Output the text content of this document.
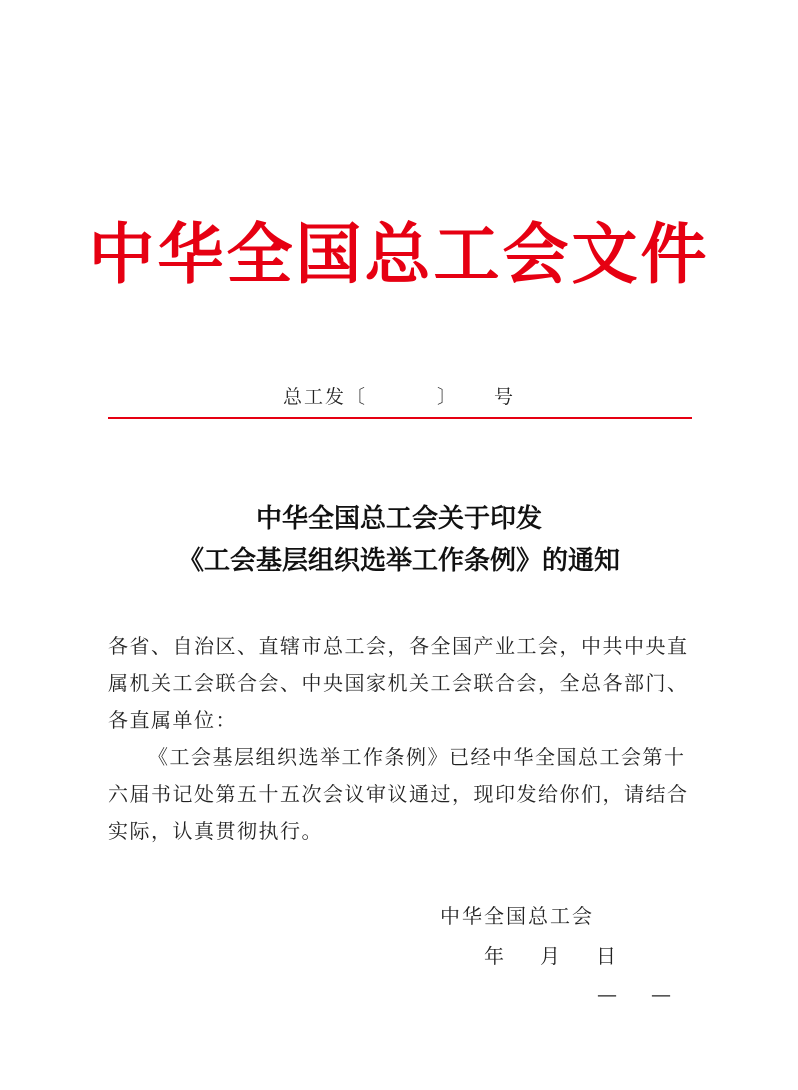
中华全国总工会文件
总工发〔	〕 号
中华全国总工会关于印发
《工会基层组织选举工作条例》的通知

各省、自治区、直辖市总工会，各全国产业工会，中共中央直属机关工会联合会、中央国家机关工会联合会，全总各部门、各直属单位：

《工会基层组织选举工作条例》已经中华全国总工会第十六届书记处第五十五次会议审议通过，现印发给你们，请结合实际，认真贯彻执行。

中华全国总工会
年 月 日
— —
